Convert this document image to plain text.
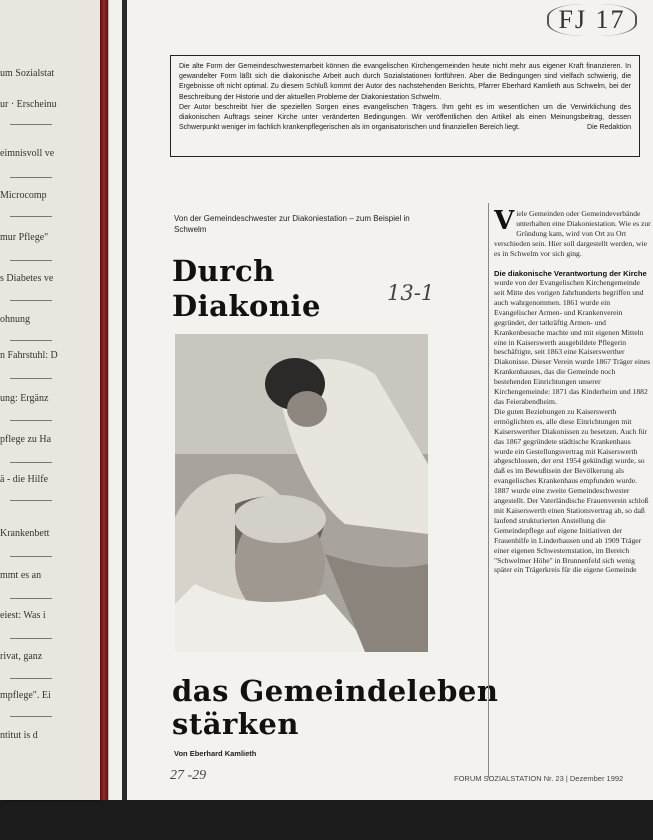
um Sozialstat
ur · Erscheinu
eimnisvoll ve
Microcomp
mur Pflege"
s Diabetes ve
ohnung
n Fahrstuhl: D
ung: Ergänz
pflege zu Ha
ä - die Hilfe
Krankenbett
mmt es an
eiest: Was i
rivat, ganz
mpflege". Ei
ntitut is d
FJ 17
Die alte Form der Gemeindeschwesternarbeit können die evangelischen Kirchengemeinden heute nicht mehr aus eigener Kraft finanzieren. In gewandelter Form läßt sich die diakonische Arbeit auch durch Sozialstationen fortführen. Aber die Bedingungen sind vielfach schwierig, die Ergebnisse oft nicht optimal. Zu diesem Schluß kommt der Autor des nachstehenden Berichts, Pfarrer Eberhard Kamlieth aus Schwelm, bei der Beschreibung der Historie und der aktuellen Probleme der Diakoniestation Schwelm.
Der Autor beschreibt hier die speziellen Sorgen eines evangelischen Trägers. Ihm geht es im wesentlichen um die Verwirklichung des diakonischen Auftrags seiner Kirche unter veränderten Bedingungen. Wir veröffentlichen den Artikel als einen Meinungsbeitrag, dessen Schwerpunkt weniger im fachlich krankenpflegerischen als im organisatorischen und finanziellen Bereich liegt.	Die Redaktion
Von der Gemeindeschwester zur Diakoniestation – zum Beispiel in Schwelm
Durch
Diakonie	13-1
das Gemeindeleben
stärken
Von Eberhard Kamlieth
27 -29	FORUM SOZIALSTATION Nr. 23 | Dezember 1992
V iele Gemeinden oder Gemeindeverbände unterhalten eine Diakoniestation. Wie es zur Gründung kam, wird von Ort zu Ort verschieden sein. Hier soll dargestellt werden, wie es in Schwelm vor sich ging.
Die diakonische Verantwortung der Kirche
wurde von der Evangelischen Kirchengemeinde seit Mitte des vorigen Jahrhunderts begriffen und auch wahrgenommen. 1861 wurde ein Evangelischer Armen- und Krankenverein gegründet, der tatkräftig Armen- und Krankenbesuche machte und mit eigenen Mitteln eine in Kaiserswerth ausgebildete Pflegerin beschäftigte, seit 1863 eine Kaiserswerther Diakonisse. Dieser Verein wurde 1867 Träger eines Krankenhauses, das die Gemeinde noch bestehenden Einrichtungen unserer Kirchengemeinde: 1871 das Kinderheim und 1882 das Feierabendheim.
Die guten Beziehungen zu Kaiserswerth ermöglichten es, alle diese Einrichtungen mit Kaiserswerther Diakonissen zu besetzen. Auch für das 1867 gegründete städtische Krankenhaus wurde ein Gestellungsvertrag mit Kaiserswerth abgeschlossen, der erst 1954 gekündigt wurde, so daß es im Bewußtsein der Bevölkerung als evangelisches Krankenhaus empfunden wurde. 1887 wurde eine zweite Gemeindeschwester angestellt. Der Vaterländische Frauenverein schloß mit Kaiserswerth einen Stationsvertrag ab, so daß laufend strukturierten Anstellung die Gemeindepflege auf eigene Initiativen der Frauenhilfe in Linderhausen und ab 1909 Träger einer eigenen Schwesternstation, im Bereich "Schwelmer Höhe" in Brunnenfeld sich wenig später ein Trägerkreis für die eigene Gemeinde
